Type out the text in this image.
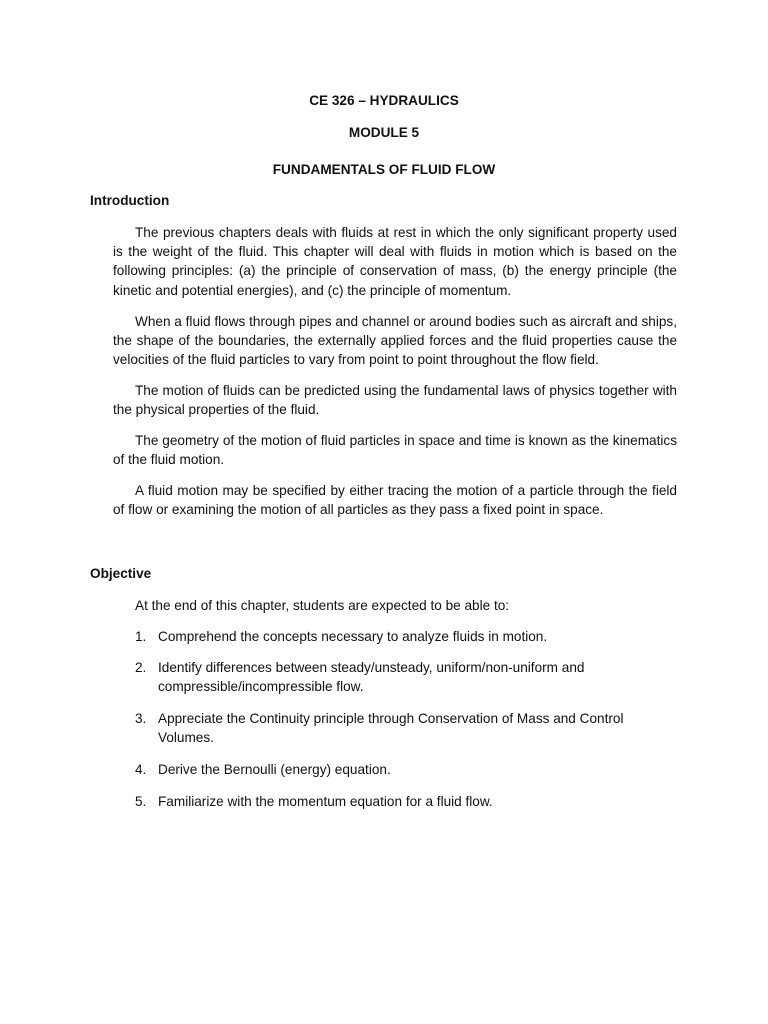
CE 326 – HYDRAULICS
MODULE 5
FUNDAMENTALS OF FLUID FLOW
Introduction

The previous chapters deals with fluids at rest in which the only significant property used is the weight of the fluid. This chapter will deal with fluids in motion which is based on the following principles: (a) the principle of conservation of mass, (b) the energy principle (the kinetic and potential energies), and (c) the principle of momentum.

When a fluid flows through pipes and channel or around bodies such as aircraft and ships, the shape of the boundaries, the externally applied forces and the fluid properties cause the velocities of the fluid particles to vary from point to point throughout the flow field.

The motion of fluids can be predicted using the fundamental laws of physics together with the physical properties of the fluid.

The geometry of the motion of fluid particles in space and time is known as the kinematics of the fluid motion.

A fluid motion may be specified by either tracing the motion of a particle through the field of flow or examining the motion of all particles as they pass a fixed point in space.

Objective
At the end of this chapter, students are expected to be able to:
1. Comprehend the concepts necessary to analyze fluids in motion.
2. Identify differences between steady/unsteady, uniform/non-uniform and compressible/incompressible flow.
3. Appreciate the Continuity principle through Conservation of Mass and Control Volumes.
4. Derive the Bernoulli (energy) equation.
5. Familiarize with the momentum equation for a fluid flow.
